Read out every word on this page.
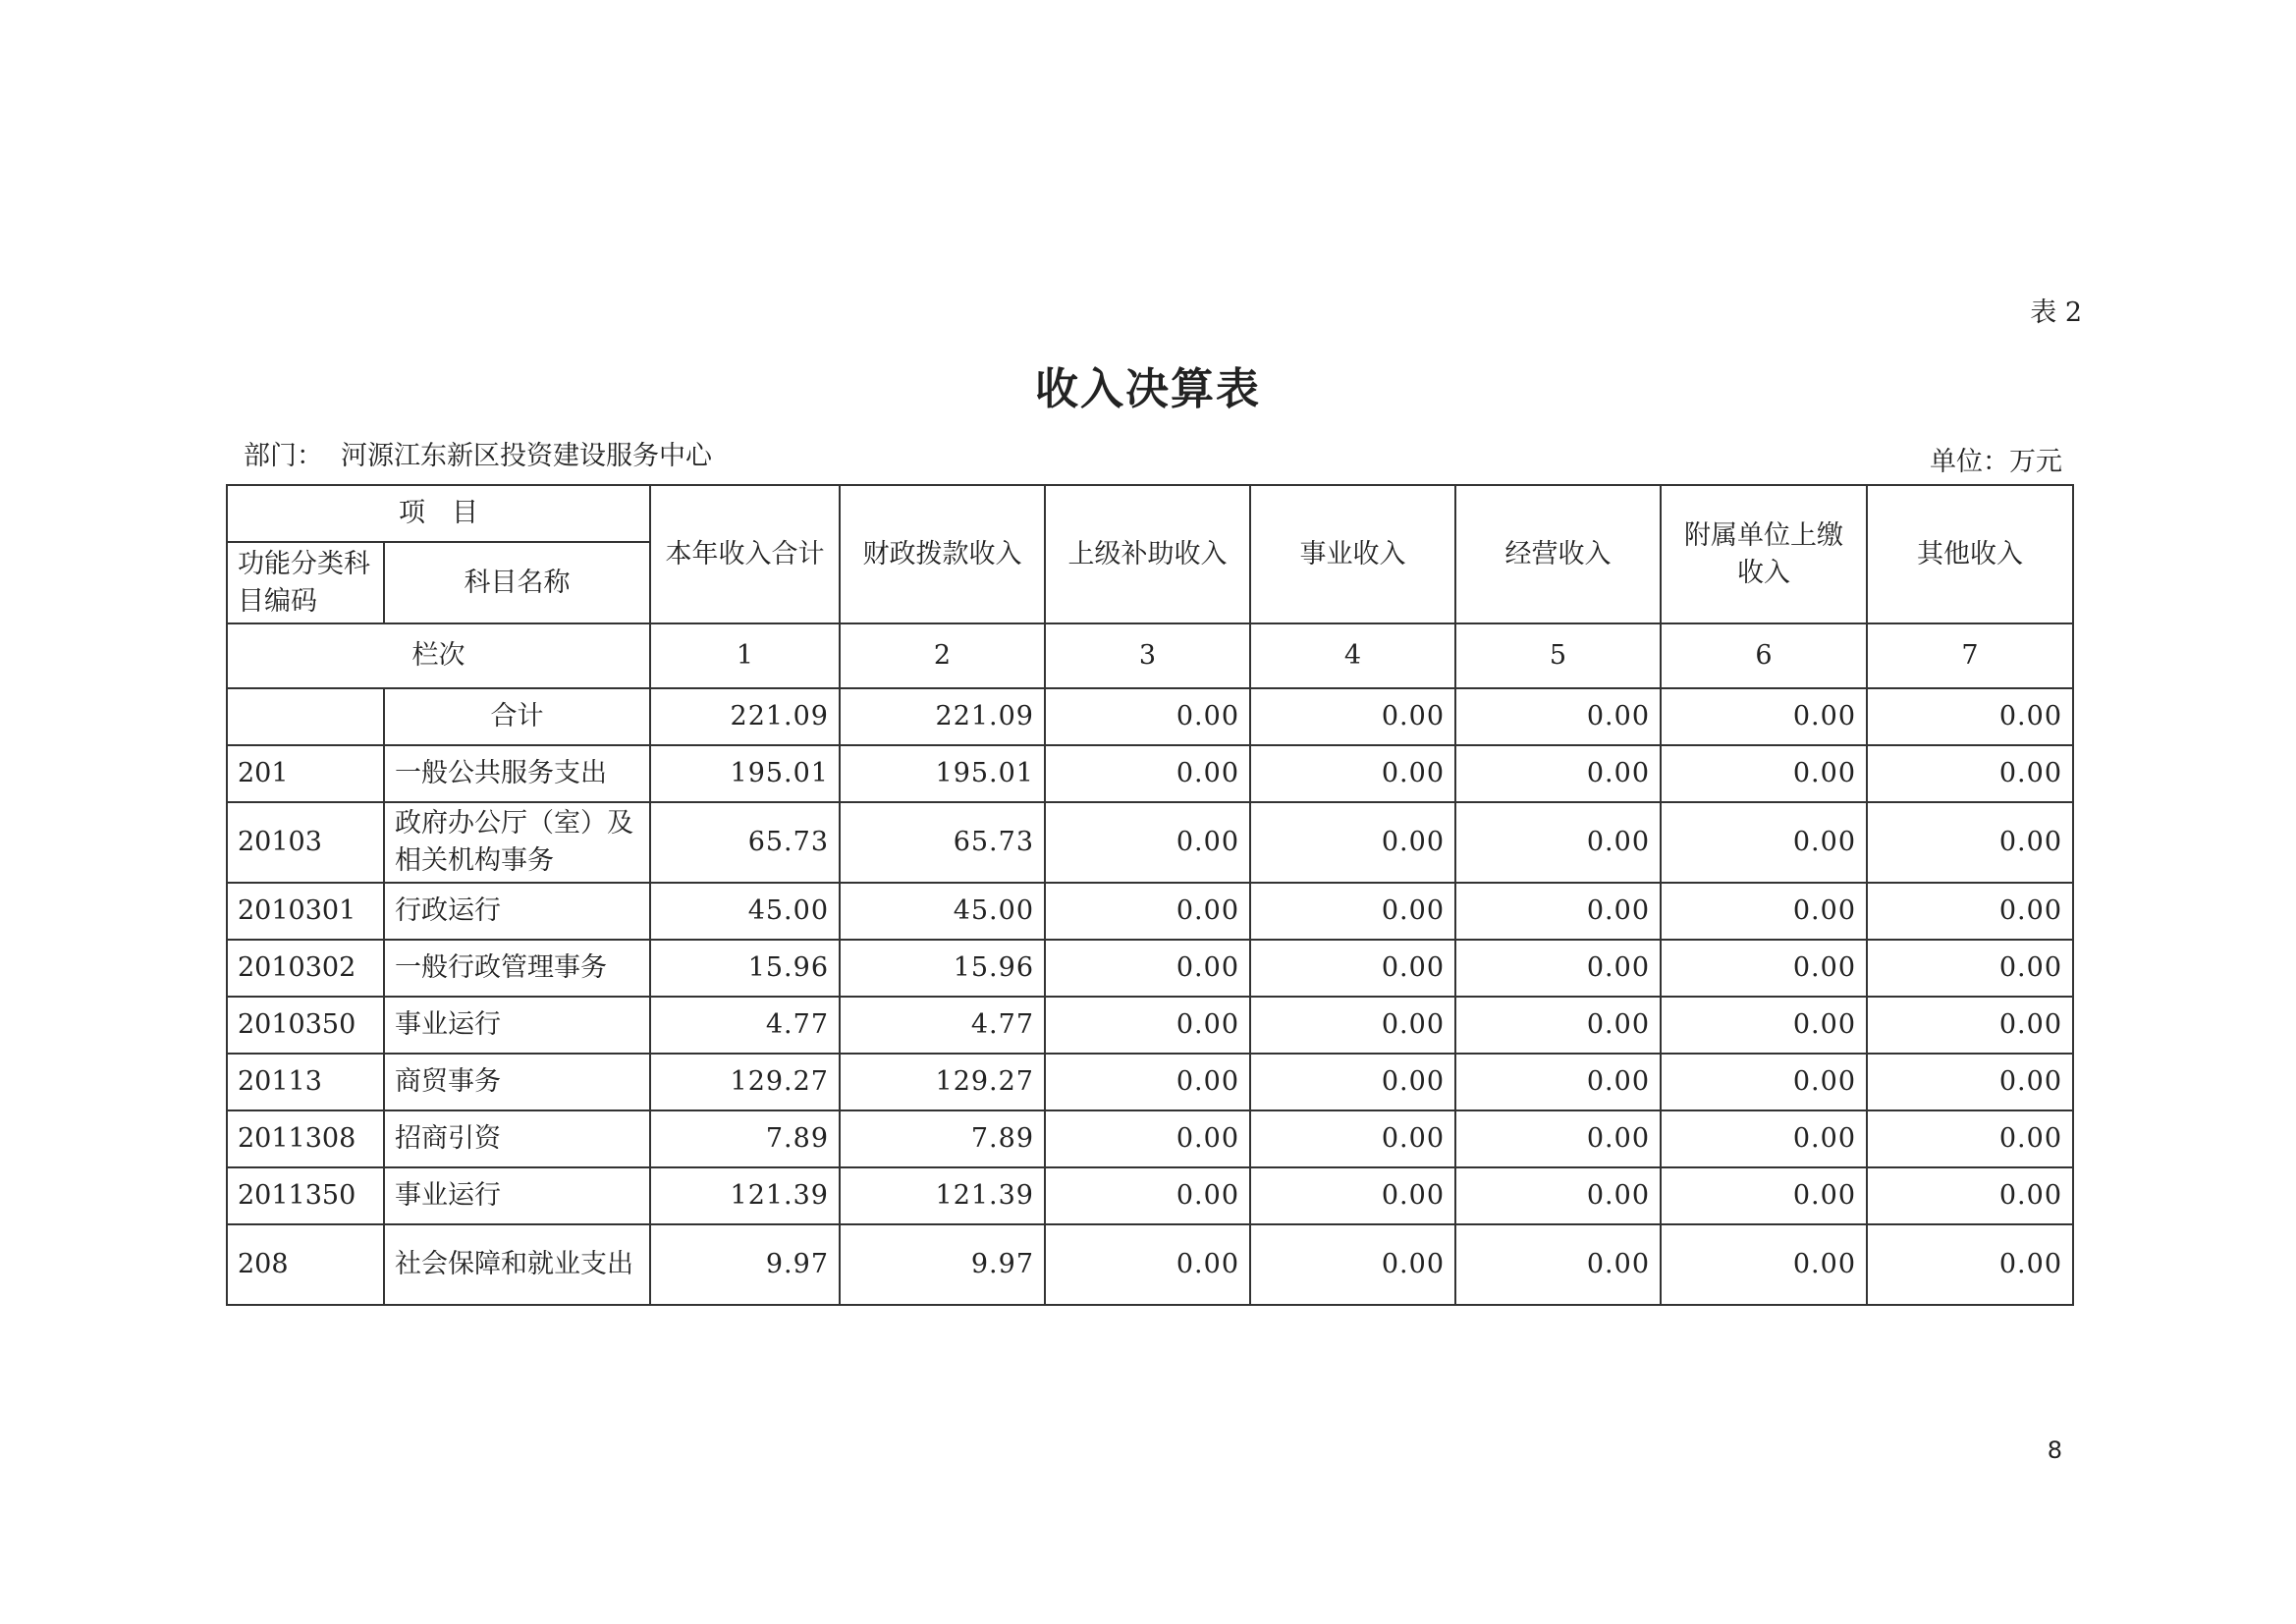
表 2
收入决算表
部门： 河源江东新区投资建设服务中心	单位：万元
项　目		本年收入合计	财政拨款收入	上级补助收入	事业收入	经营收入	附属单位上缴收入	其他收入
功能分类科目编码	科目名称							
栏次		1	2	3	4	5	6	7
	合计	221.09	221.09	0.00	0.00	0.00	0.00	0.00
201	一般公共服务支出	195.01	195.01	0.00	0.00	0.00	0.00	0.00
20103	政府办公厅（室）及相关机构事务	65.73	65.73	0.00	0.00	0.00	0.00	0.00
2010301	行政运行	45.00	45.00	0.00	0.00	0.00	0.00	0.00
2010302	一般行政管理事务	15.96	15.96	0.00	0.00	0.00	0.00	0.00
2010350	事业运行	4.77	4.77	0.00	0.00	0.00	0.00	0.00
20113	商贸事务	129.27	129.27	0.00	0.00	0.00	0.00	0.00
2011308	招商引资	7.89	7.89	0.00	0.00	0.00	0.00	0.00
2011350	事业运行	121.39	121.39	0.00	0.00	0.00	0.00	0.00
208	社会保障和就业支出	9.97	9.97	0.00	0.00	0.00	0.00	0.00
8
